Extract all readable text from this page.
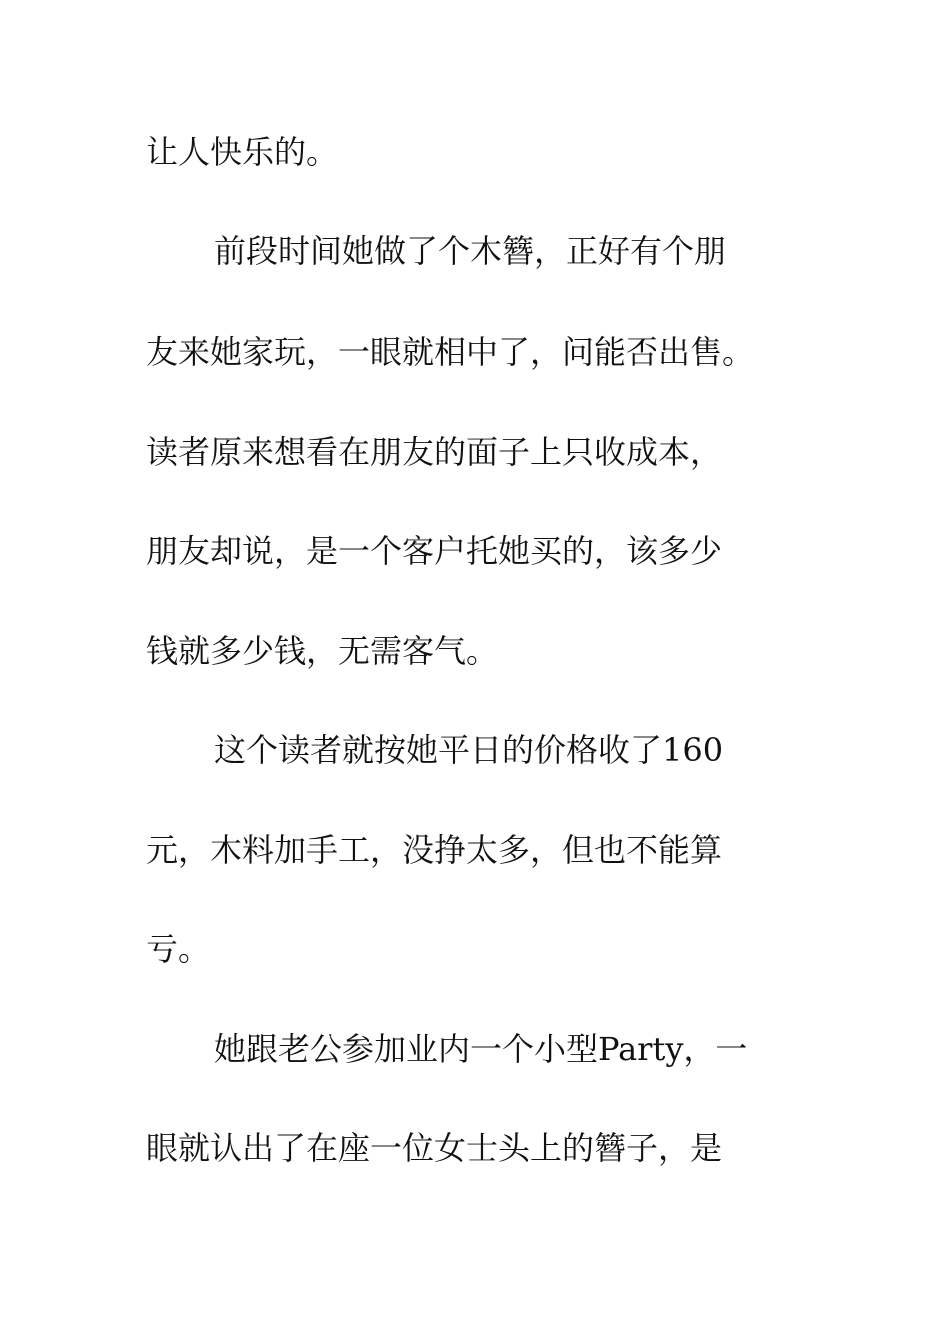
让人快乐的。
前段时间她做了个木簪，正好有个朋
友来她家玩，一眼就相中了，问能否出售。
读者原来想看在朋友的面子上只收成本，
朋友却说，是一个客户托她买的，该多少
钱就多少钱，无需客气。
这个读者就按她平日的价格收了160
元，木料加手工，没挣太多，但也不能算
亏。
她跟老公参加业内一个小型Party，一
眼就认出了在座一位女士头上的簪子，是
